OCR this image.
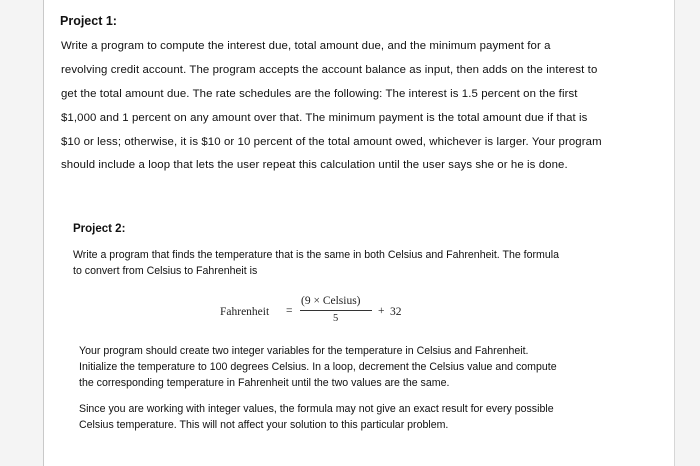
Project 1:
Write a program to compute the interest due, total amount due, and the minimum payment for a
revolving credit account. The program accepts the account balance as input, then adds on the interest to
get the total amount due. The rate schedules are the following: The interest is 1.5 percent on the first
$1,000 and 1 percent on any amount over that. The minimum payment is the total amount due if that is
$10 or less; otherwise, it is $10 or 10 percent of the total amount owed, whichever is larger. Your program
should include a loop that lets the user repeat this calculation until the user says she or he is done.
Project 2:
Write a program that finds the temperature that is the same in both Celsius and Fahrenheit. The formula
to convert from Celsius to Fahrenheit is
Fahrenheit =
(9 × Celsius)
5
+ 32
Your program should create two integer variables for the temperature in Celsius and Fahrenheit.
Initialize the temperature to 100 degrees Celsius. In a loop, decrement the Celsius value and compute
the corresponding temperature in Fahrenheit until the two values are the same.
Since you are working with integer values, the formula may not give an exact result for every possible
Celsius temperature. This will not affect your solution to this particular problem.
